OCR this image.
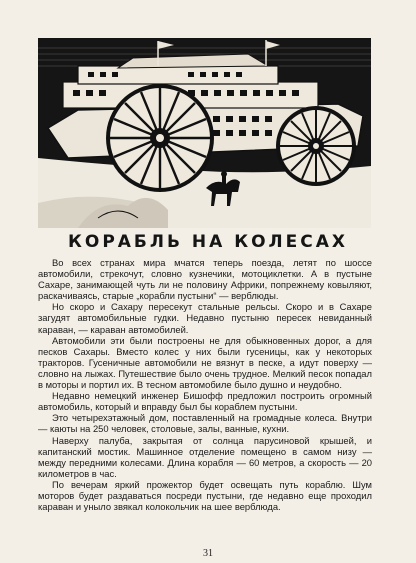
КОРАБЛЬ НА КОЛЕСАХ

Во всех странах мира мчатся теперь поезда, летят по шоссе автомобили, стрекочут, словно кузнечики, мотоциклетки. А в пустыне Сахаре, занимающей чуть ли не половину Африки, попрежнему ковыляют, раскачиваясь, старые „корабли пустыни“ — верблюды.

Но скоро и Сахару пересекут стальные рельсы. Скоро и в Сахаре загудят автомобильные гудки. Недавно пустыню пересек невиданный караван, — караван автомобилей.

Автомобили эти были построены не для обыкновенных дорог, а для песков Сахары. Вместо колес у них были гусеницы, как у некоторых тракторов. Гусеничные автомобили не вязнут в песке, а идут поверху — словно на лыжах. Путешествие было очень трудное. Мелкий песок попадал в моторы и портил их. В тесном автомобиле было душно и неудобно.

Недавно немецкий инженер Бишофф предложил построить огромный автомобиль, который и вправду был бы кораблем пустыни.

Это четырехэтажный дом, поставленный на громадные колеса. Внутри — каюты на 250 человек, столовые, залы, ванные, кухни.

Наверху палуба, закрытая от солнца парусиновой крышей, и капитанский мостик. Машинное отделение помещено в самом низу — между передними колесами. Длина корабля — 60 метров, а скорость — 20 километров в час.

По вечерам яркий прожектор будет освещать путь кораблю. Шум моторов будет раздаваться посреди пустыни, где недавно еще проходил караван и уныло звякал колокольчик на шее верблюда.

31
